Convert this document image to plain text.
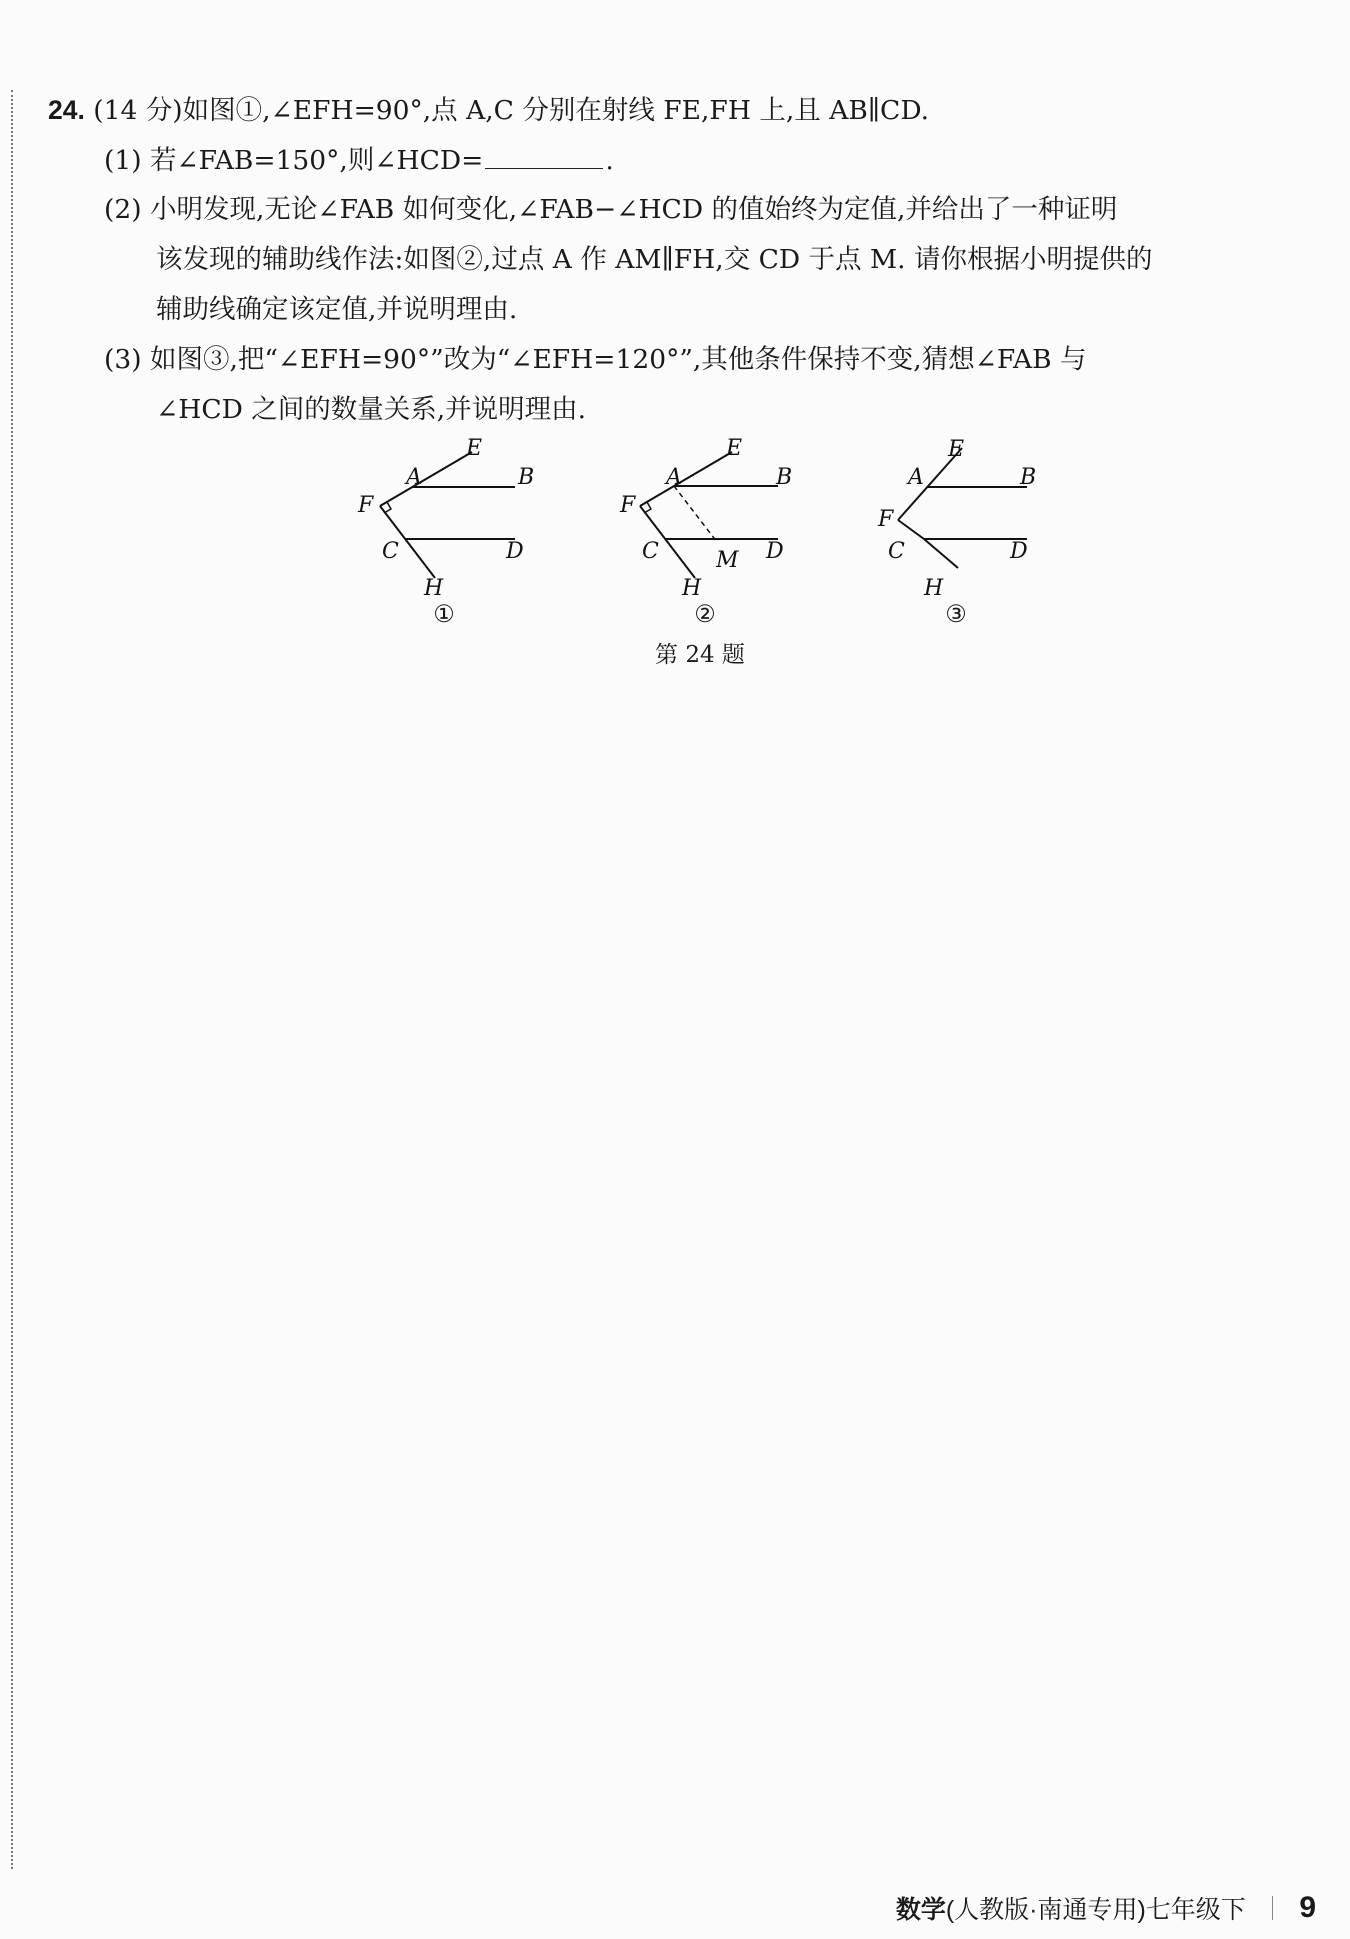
24. (14 分)如图①,∠EFH=90°,点 A,C 分别在射线 FE,FH 上,且 AB∥CD.
(1) 若∠FAB=150°,则∠HCD=	.
(2) 小明发现,无论∠FAB 如何变化,∠FAB−∠HCD 的值始终为定值,并给出了一种证明
该发现的辅助线作法:如图②,过点 A 作 AM∥FH,交 CD 于点 M. 请你根据小明提供的
辅助线确定该定值,并说明理由.
(3) 如图③,把“∠EFH=90°”改为“∠EFH=120°”,其他条件保持不变,猜想∠FAB 与
∠HCD 之间的数量关系,并说明理由.
A
E
B
F
C	D
H
①
A
E
B
F
C	M D
H
②
A
E
B
F
C	D
H
③
第 24 题
数学 (人教版·南通专用)七年级下 9
